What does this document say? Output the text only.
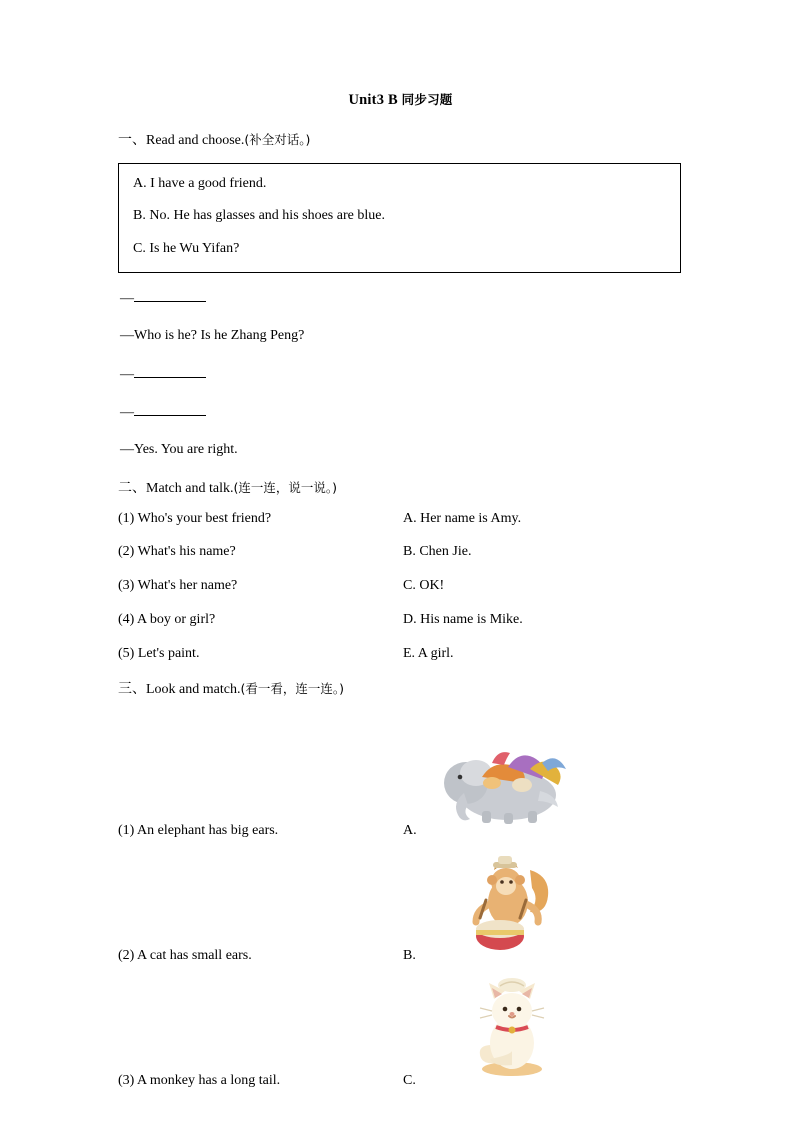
Unit3 B 同步习题
一、Read and choose.(补全对话。)

A. I have a good friend.

B. No. He has glasses and his shoes are blue.

C. Is he Wu Yifan?

—
—Who is he? Is he Zhang Peng?
—
—
—Yes. You are right.
二、Match and talk.(连一连，说一说。)
(1) Who's your best friend?	A. Her name is Amy.
(2) What's his name?	B. Chen Jie.
(3) What's her name?	C. OK!
(4) A boy or girl?	D. His name is Mike.
(5) Let's paint.	E. A girl.
三、Look and match.(看一看，连一连。)
(1) An elephant has big ears.	A.
(2) A cat has small ears.	B.
(3) A monkey has a long tail.	C.
